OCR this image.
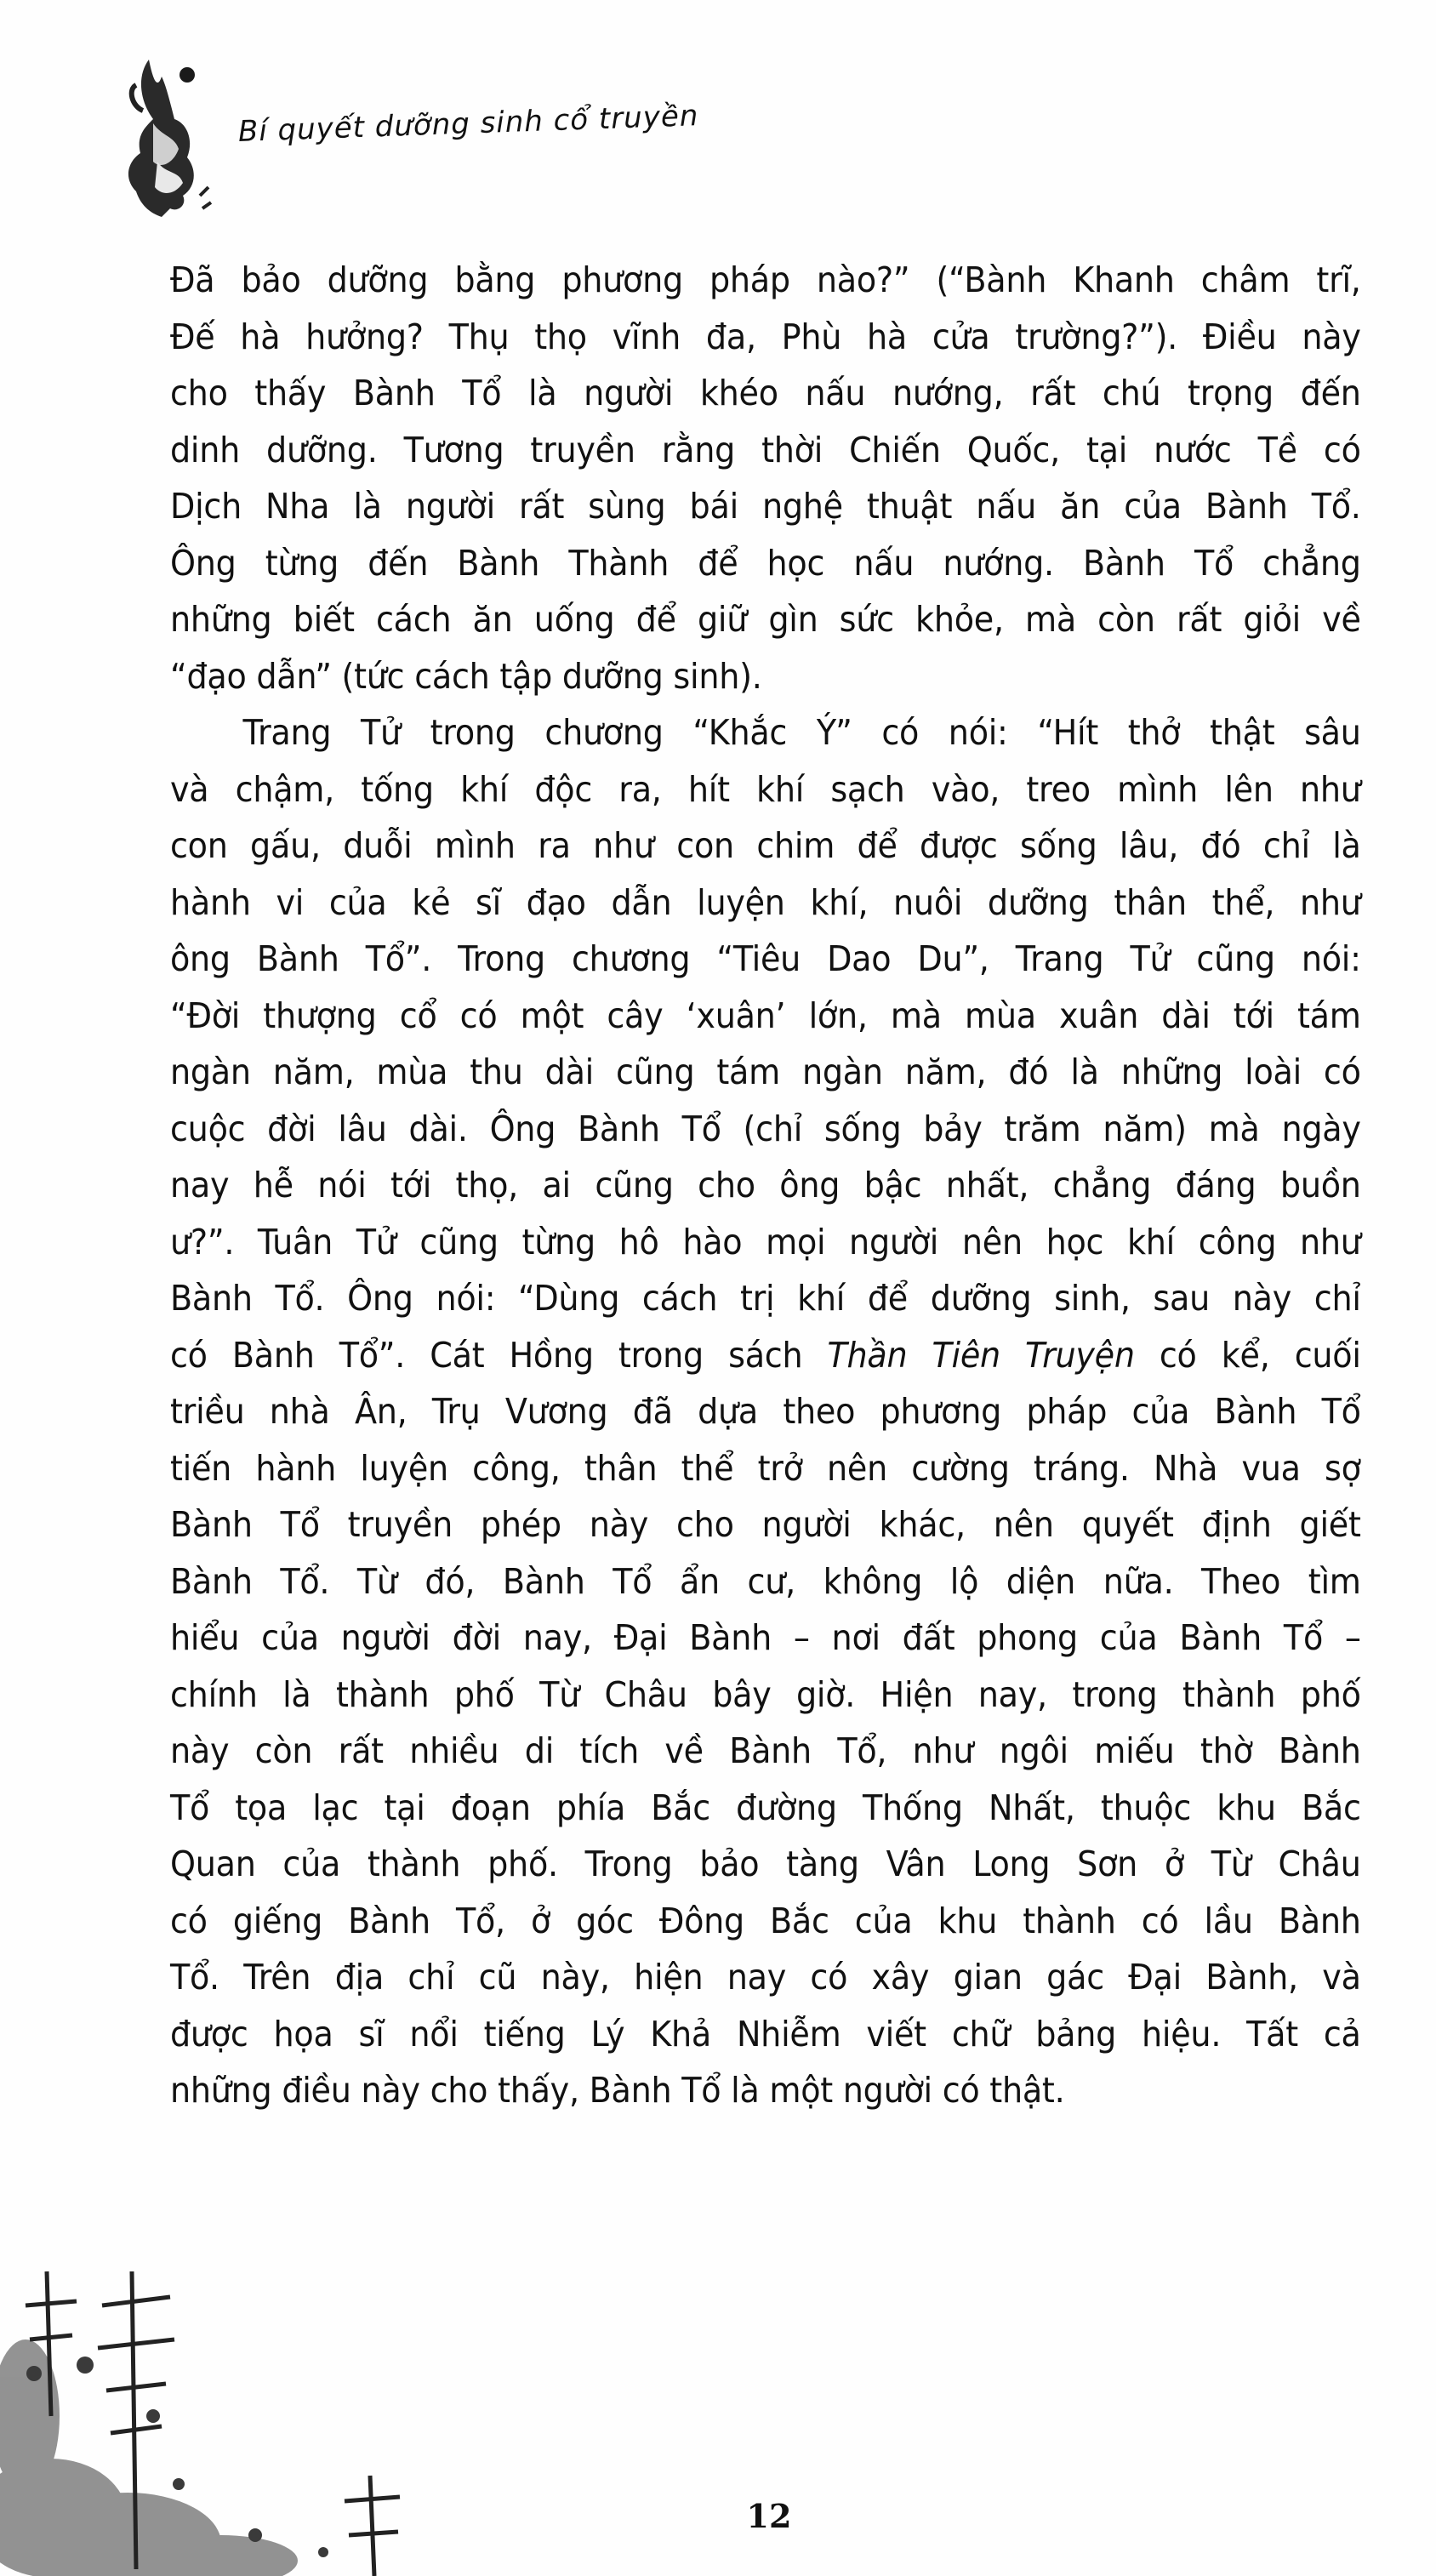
Bí quyết dưỡng sinh cổ truyền
Đã bảo dưỡng bằng phương pháp nào?” (“Bành Khanh châm trĩ,
Đế hà hưởng? Thụ thọ vĩnh đa, Phù hà cửa trường?”). Điều này
cho thấy Bành Tổ là người khéo nấu nướng, rất chú trọng đến
dinh dưỡng. Tương truyền rằng thời Chiến Quốc, tại nước Tề có
Dịch Nha là người rất sùng bái nghệ thuật nấu ăn của Bành Tổ.
Ông từng đến Bành Thành để học nấu nướng. Bành Tổ chẳng
những biết cách ăn uống để giữ gìn sức khỏe, mà còn rất giỏi về
“đạo dẫn” (tức cách tập dưỡng sinh).
Trang Tử trong chương “Khắc Ý” có nói: “Hít thở thật sâu
và chậm, tống khí độc ra, hít khí sạch vào, treo mình lên như
con gấu, duỗi mình ra như con chim để được sống lâu, đó chỉ là
hành vi của kẻ sĩ đạo dẫn luyện khí, nuôi dưỡng thân thể, như
ông Bành Tổ”. Trong chương “Tiêu Dao Du”, Trang Tử cũng nói:
“Đời thượng cổ có một cây ‘xuân’ lớn, mà mùa xuân dài tới tám
ngàn năm, mùa thu dài cũng tám ngàn năm, đó là những loài có
cuộc đời lâu dài. Ông Bành Tổ (chỉ sống bảy trăm năm) mà ngày
nay hễ nói tới thọ, ai cũng cho ông bậc nhất, chẳng đáng buồn
ư?”. Tuân Tử cũng từng hô hào mọi người nên học khí công như
Bành Tổ. Ông nói: “Dùng cách trị khí để dưỡng sinh, sau này chỉ
có Bành Tổ”. Cát Hồng trong sách Thần Tiên Truyện có kể, cuối
triều nhà Ân, Trụ Vương đã dựa theo phương pháp của Bành Tổ
tiến hành luyện công, thân thể trở nên cường tráng. Nhà vua sợ
Bành Tổ truyền phép này cho người khác, nên quyết định giết
Bành Tổ. Từ đó, Bành Tổ ẩn cư, không lộ diện nữa. Theo tìm
hiểu của người đời nay, Đại Bành – nơi đất phong của Bành Tổ –
chính là thành phố Từ Châu bây giờ. Hiện nay, trong thành phố
này còn rất nhiều di tích về Bành Tổ, như ngôi miếu thờ Bành
Tổ tọa lạc tại đoạn phía Bắc đường Thống Nhất, thuộc khu Bắc
Quan của thành phố. Trong bảo tàng Vân Long Sơn ở Từ Châu
có giếng Bành Tổ, ở góc Đông Bắc của khu thành có lầu Bành
Tổ. Trên địa chỉ cũ này, hiện nay có xây gian gác Đại Bành, và
được họa sĩ nổi tiếng Lý Khả Nhiễm viết chữ bảng hiệu. Tất cả
những điều này cho thấy, Bành Tổ là một người có thật.
12
